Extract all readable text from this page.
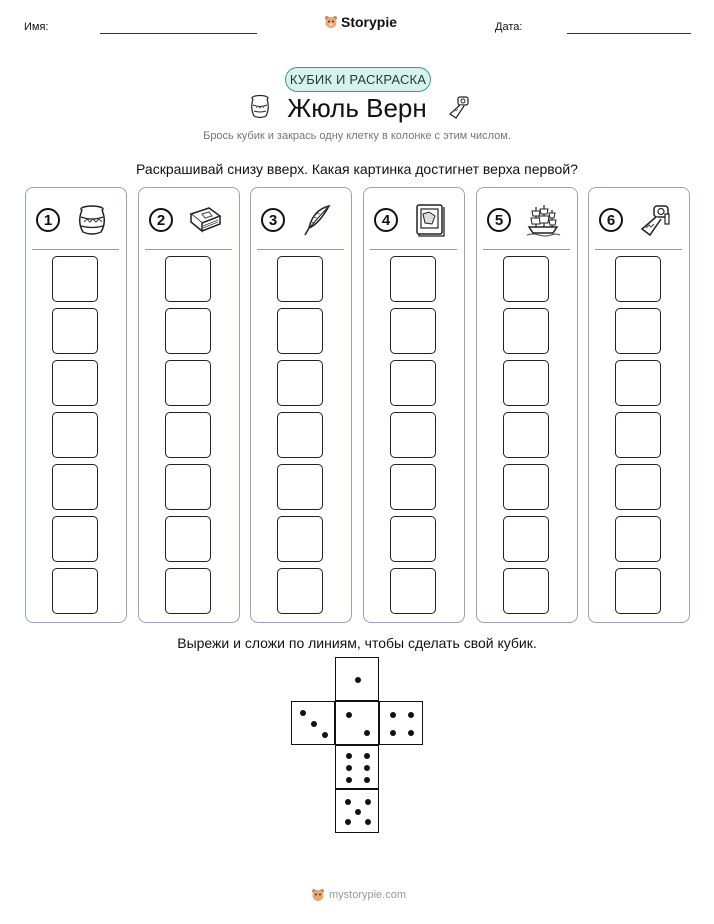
Имя:	Storypie	Дата:
КУБИК И РАСКРАСКА
Жюль Верн
Брось кубик и закрась одну клетку в колонке с этим числом.
Раскрашивай снизу вверх. Какая картинка достигнет верха первой?
1	2	3	4	5	6
Вырежи и сложи по линиям, чтобы сделать свой кубик.
mystorypie.com
